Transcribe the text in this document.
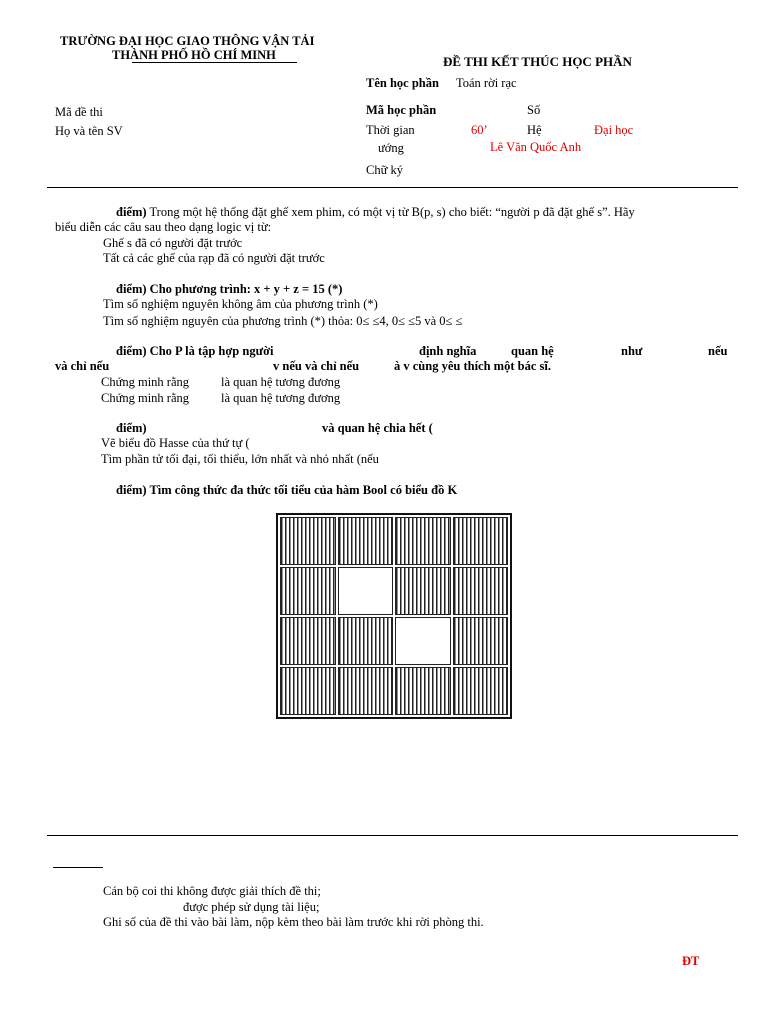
TRƯỜNG ĐẠI HỌC GIAO THÔNG VẬN TẢI
THÀNH PHỐ HỒ CHÍ MINH	ĐỀ THI KẾT THÚC HỌC PHẦN
Tên học phần Toán rời rạc
Mã đề thi	Mã học phần	Số
Họ và tên SV	Thời gian	60’	Hệ	Đại học
ướng	Lê Văn Quốc Anh
Chữ ký
điểm) Trong một hệ thống đặt ghế xem phim, có một vị từ B(p, s) cho biết: “người p đã đặt ghế s”. Hãy
biểu diễn các câu sau theo dạng logic vị từ:
Ghế s đã có người đặt trước
Tất cả các ghế của rạp đã có người đặt trước
điểm) Cho phương trình: x + y + z = 15 (*)
Tìm số nghiệm nguyên không âm của phương trình (*)
Tìm số nghiệm nguyên của phương trình (*) thỏa: 0≤ ≤4, 0≤ ≤5 và 0≤ ≤
điểm) Cho P là tập hợp người	định nghĩa	quan hệ	như	nếu
và chỉ nếu	v nếu và chỉ nếu	à v cùng yêu thích một bác sĩ.
Chứng minh rằng	là quan hệ tương đương
Chứng minh rằng	là quan hệ tương đương
điểm)	và quan hệ chia hết (
Vẽ biểu đồ Hasse của thứ tự (
Tìm phần tử tối đại, tối thiểu, lớn nhất và nhỏ nhất (nếu
điểm) Tìm công thức đa thức tối tiểu của hàm Bool có biểu đồ K
Cán bộ coi thi không được giải thích đề thi;
được phép sử dụng tài liệu;
Ghi số của đề thi vào bài làm, nộp kèm theo bài làm trước khi rời phòng thi.
ĐT
